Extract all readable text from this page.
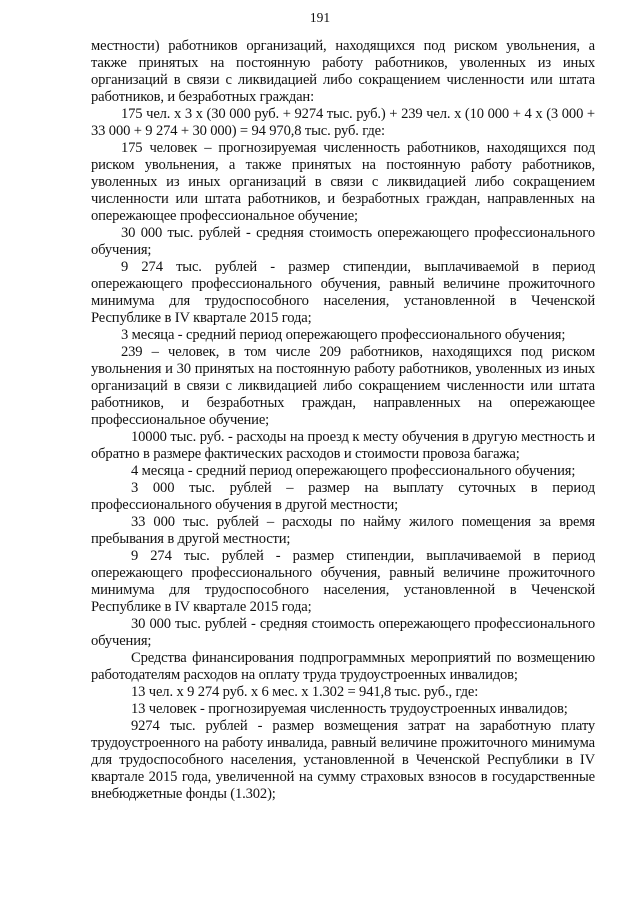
191

местности) работников организаций, находящихся под риском увольнения, а также принятых на постоянную работу работников, уволенных из иных организаций в связи с ликвидацией либо сокращением численности или штата работников, и безработных граждан:

175 чел. х 3 х (30 000 руб. + 9274 тыс. руб.) + 239 чел. х (10 000 + 4 х (3 000 + 33 000 + 9 274 + 30 000) = 94 970,8 тыс. руб. где:

175 человек – прогнозируемая численность работников, находящихся под риском увольнения, а также принятых на постоянную работу работников, уволенных из иных организаций в связи с ликвидацией либо сокращением численности или штата работников, и безработных граждан, направленных на опережающее профессиональное обучение;

30 000 тыс. рублей - средняя стоимость опережающего профессионального обучения;

9 274 тыс. рублей - размер стипендии, выплачиваемой в период опережающего профессионального обучения, равный величине прожиточного минимума для трудоспособного населения, установленной в Чеченской Республике в IV квартале 2015 года;

3 месяца - средний период опережающего профессионального обучения;

239 – человек, в том числе 209 работников, находящихся под риском увольнения и 30 принятых на постоянную работу работников, уволенных из иных организаций в связи с ликвидацией либо сокращением численности или штата работников, и безработных граждан, направленных на опережающее профессиональное обучение;

10000 тыс. руб. - расходы на проезд к месту обучения в другую местность и обратно в размере фактических расходов и стоимости провоза багажа;

4 месяца - средний период опережающего профессионального обучения;

3 000 тыс. рублей – размер на выплату суточных в период профессионального обучения в другой местности;

33 000 тыс. рублей – расходы по найму жилого помещения за время пребывания в другой местности;

9 274 тыс. рублей - размер стипендии, выплачиваемой в период опережающего профессионального обучения, равный величине прожиточного минимума для трудоспособного населения, установленной в Чеченской Республике в IV квартале 2015 года;

30 000 тыс. рублей - средняя стоимость опережающего профессионального обучения;

Средства финансирования подпрограммных мероприятий по возмещению работодателям расходов на оплату труда трудоустроенных инвалидов;

13 чел. х 9 274 руб. х 6 мес. х 1.302 = 941,8 тыс. руб., где:

13 человек - прогнозируемая численность трудоустроенных инвалидов;

9274 тыс. рублей - размер возмещения затрат на заработную плату трудоустроенного на работу инвалида, равный величине прожиточного минимума для трудоспособного населения, установленной в Чеченской Республики в IV квартале 2015 года, увеличенной на сумму страховых взносов в государственные внебюджетные фонды (1.302);
